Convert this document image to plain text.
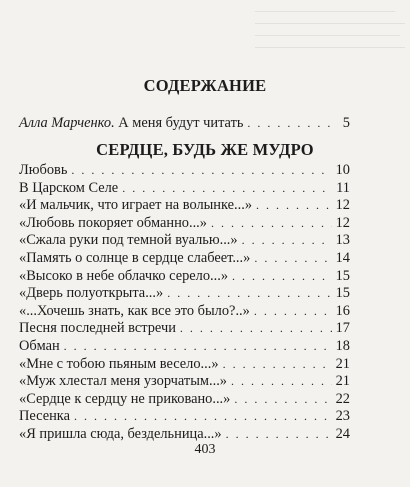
СОДЕРЖАНИЕ
Алла Марченко. А меня будут читать . . .	5
СЕРДЦЕ, БУДЬ ЖЕ МУДРО
Любовь . . .	10
В Царском Селе . . .	11
«И мальчик, что играет на волынке...» . . .	12
«Любовь покоряет обманно...» . . .	12
«Сжала руки под темной вуалью...» . . .	13
«Память о солнце в сердце слабеет...» . . .	14
«Высоко в небе облачко серело...» . . .	15
«Дверь полуоткрыта...» . . .	15
«...Хочешь знать, как все это было?..» . . .	16
Песня последней встречи . . .	17
Обман . . .	18
«Мне с тобою пьяным весело...» . . .	21
«Муж хлестал меня узорчатым...» . . .	21
«Сердце к сердцу не приковано...» . . .	22
Песенка . . .	23
«Я пришла сюда, бездельница...» . . .	24
403
